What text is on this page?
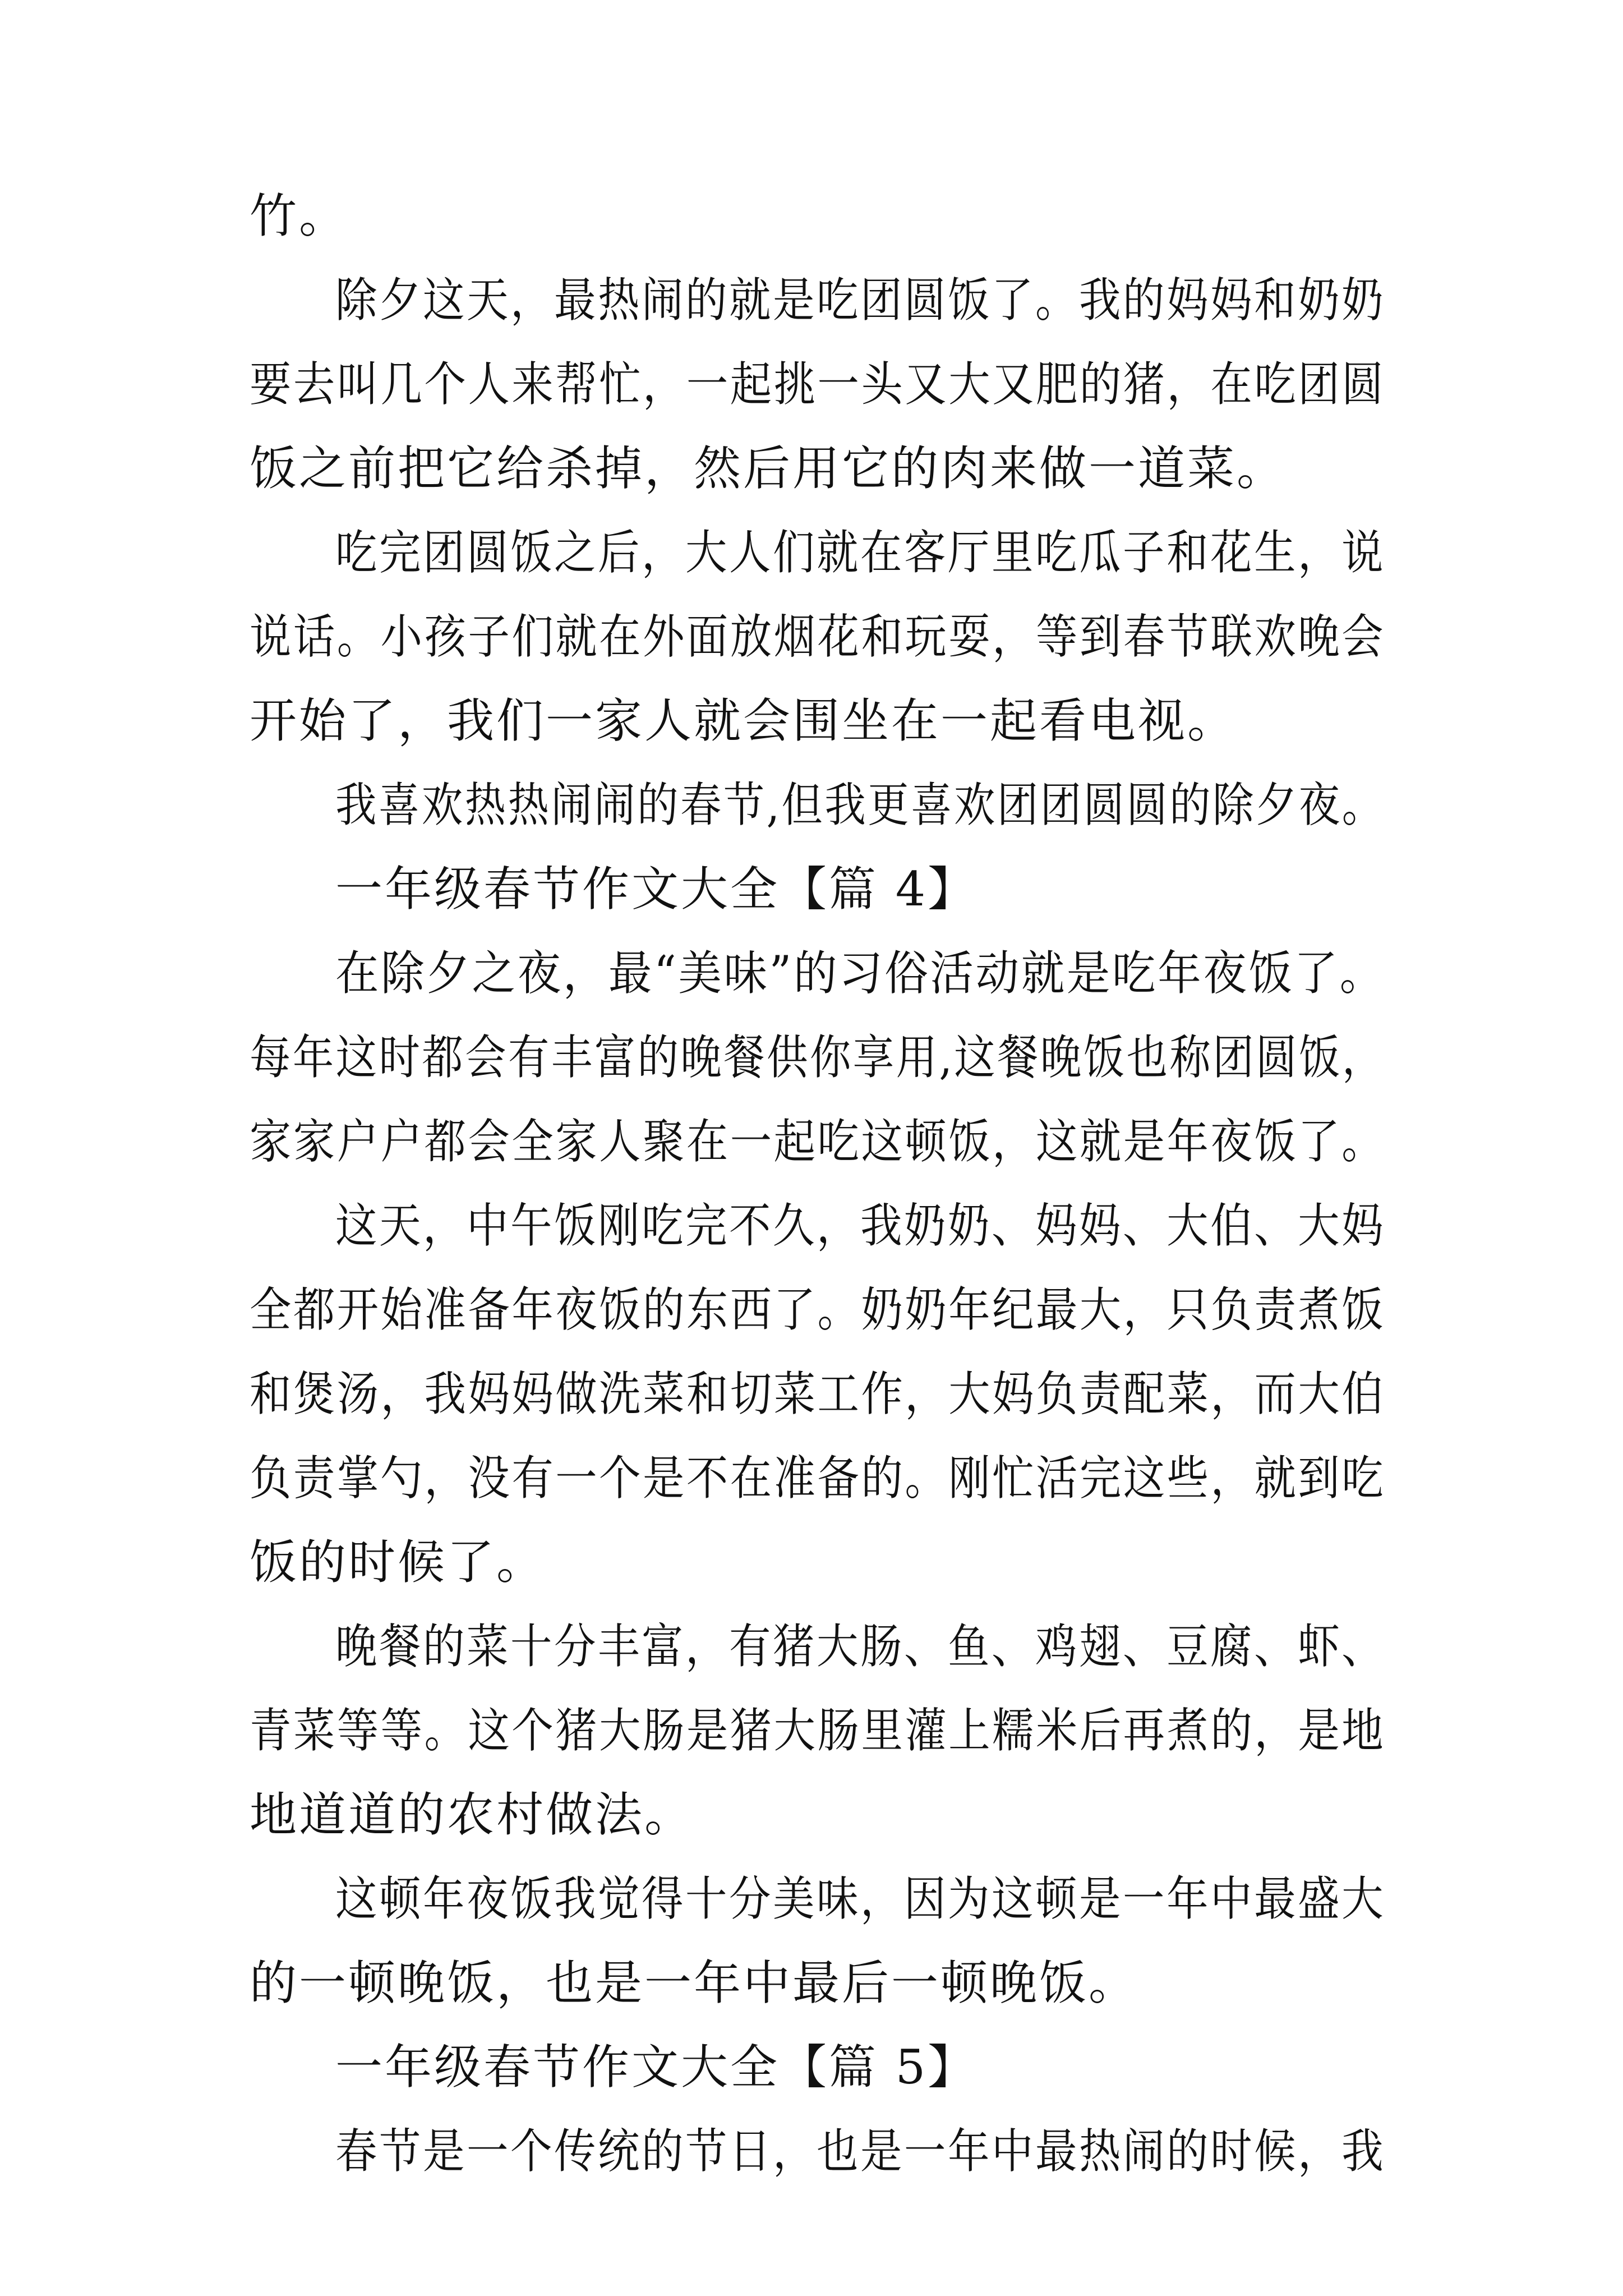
竹。
除夕这天，最热闹的就是吃团圆饭了。我的妈妈和奶奶
要去叫几个人来帮忙，一起挑一头又大又肥的猪，在吃团圆
饭之前把它给杀掉，然后用它的肉来做一道菜。
吃完团圆饭之后，大人们就在客厅里吃瓜子和花生，说
说话。小孩子们就在外面放烟花和玩耍，等到春节联欢晚会
开始了，我们一家人就会围坐在一起看电视。
我喜欢热热闹闹的春节,但我更喜欢团团圆圆的除夕夜。
一年级春节作文大全【篇 4】
在除夕之夜，最“美味”的习俗活动就是吃年夜饭了。
每年这时都会有丰富的晚餐供你享用,这餐晚饭也称团圆饭，
家家户户都会全家人聚在一起吃这顿饭，这就是年夜饭了。
这天，中午饭刚吃完不久，我奶奶、妈妈、大伯、大妈
全都开始准备年夜饭的东西了。奶奶年纪最大，只负责煮饭
和煲汤，我妈妈做洗菜和切菜工作，大妈负责配菜，而大伯
负责掌勺，没有一个是不在准备的。刚忙活完这些，就到吃
饭的时候了。
晚餐的菜十分丰富，有猪大肠、鱼、鸡翅、豆腐、虾、
青菜等等。这个猪大肠是猪大肠里灌上糯米后再煮的，是地
地道道的农村做法。
这顿年夜饭我觉得十分美味，因为这顿是一年中最盛大
的一顿晚饭，也是一年中最后一顿晚饭。
一年级春节作文大全【篇 5】
春节是一个传统的节日，也是一年中最热闹的时候，我
